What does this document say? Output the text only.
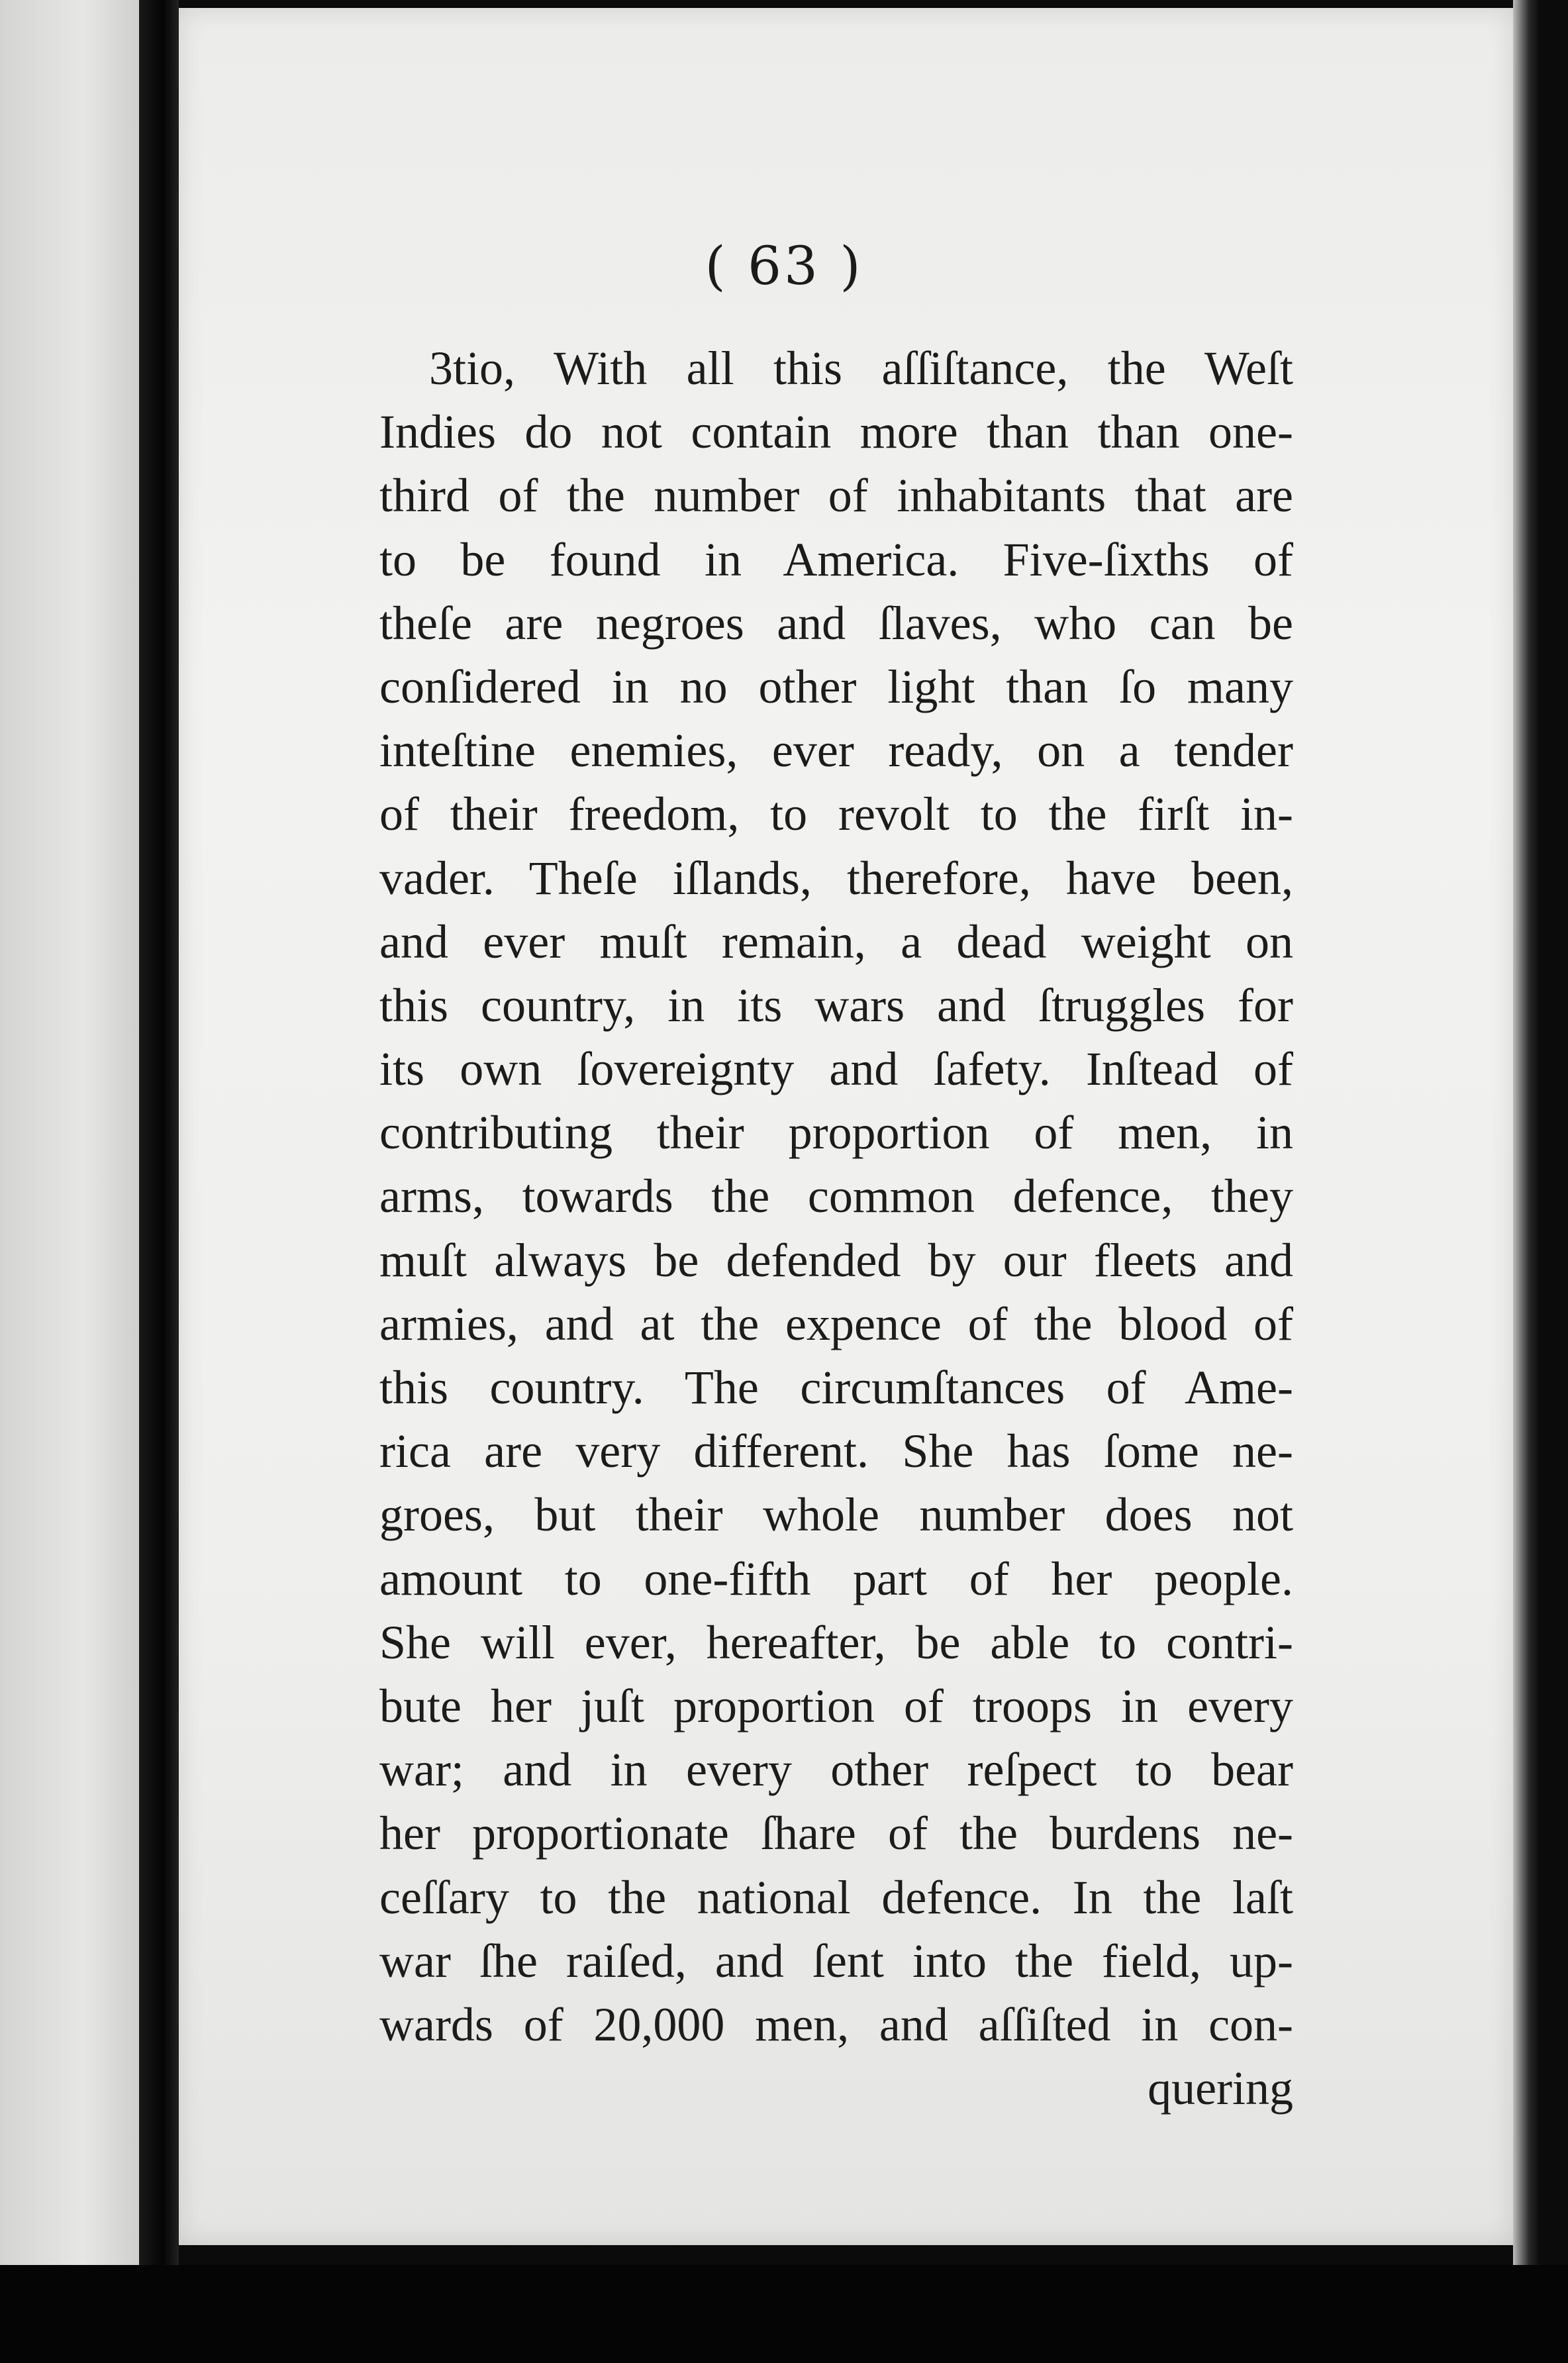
( 63 )
3tio, With all this aſſiſtance, the Weſt
Indies do not contain more than than one-
third of the number of inhabitants that are
to be found in America. Five-ſixths of
theſe are negroes and ſlaves, who can be
conſidered in no other light than ſo many
inteſtine enemies, ever ready, on a tender
of their freedom, to revolt to the firſt in-
vader. Theſe iſlands, therefore, have been,
and ever muſt remain, a dead weight on
this country, in its wars and ſtruggles for
its own ſovereignty and ſafety. Inſtead of
contributing their proportion of men, in
arms, towards the common defence, they
muſt always be defended by our fleets and
armies, and at the expence of the blood of
this country. The circumſtances of Ame-
rica are very different. She has ſome ne-
groes, but their whole number does not
amount to one-fifth part of her people.
She will ever, hereafter, be able to contri-
bute her juſt proportion of troops in every
war; and in every other reſpect to bear
her proportionate ſhare of the burdens ne-
ceſſary to the national defence. In the laſt
war ſhe raiſed, and ſent into the field, up-
wards of 20,000 men, and aſſiſted in con-
quering
